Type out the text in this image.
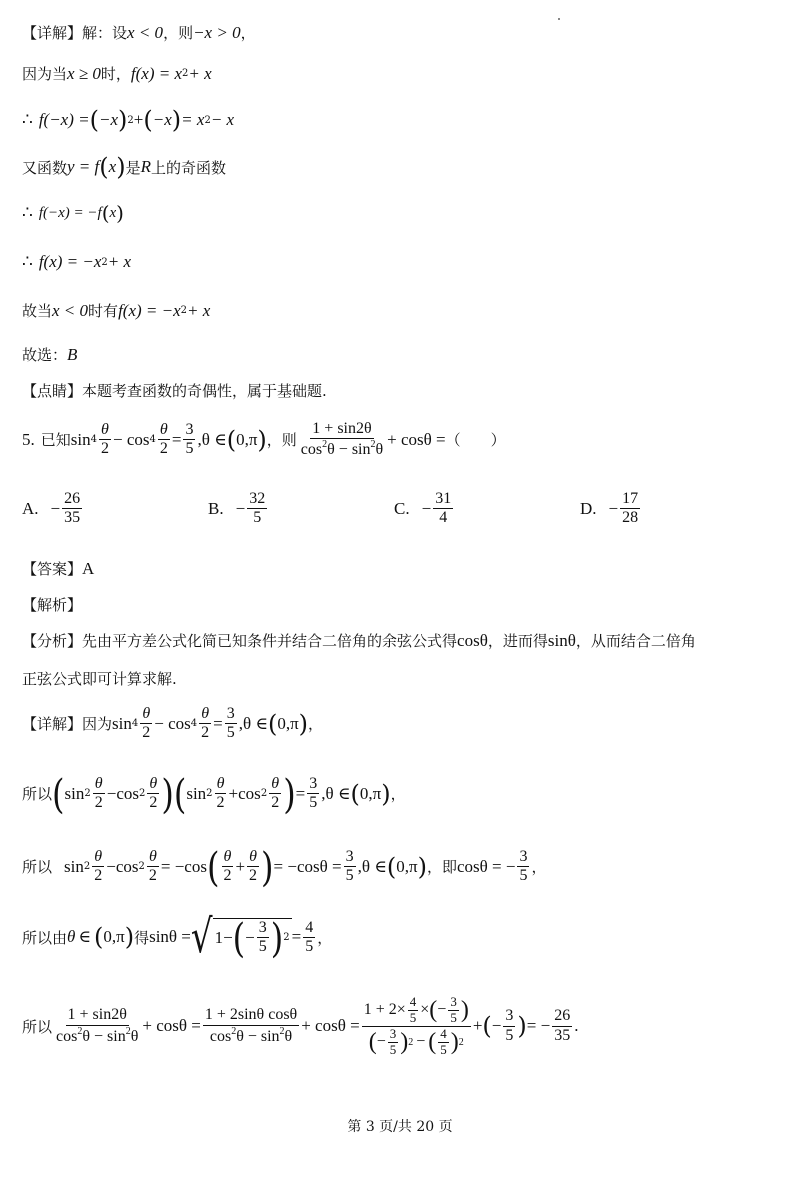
【详解】 解：设 x < 0 ，则 −x > 0 ，
因为当 x ≥ 0 时， f(x) = x 2 + x
∴ f(−x) = ( −x ) 2 + ( −x ) = x 2 − x
又函数 y = f ( x ) 是 R 上的奇函数
∴ f(−x) = −f ( x )
∴ f(x) = −x 2 + x
故当 x < 0 时有 f(x) = −x 2 + x
故选： B
【点睛】 本题考查函数的奇偶性，属于基础题.
5. 已知 $\sin 4 \frac{\theta}{2} - \cos 4 \frac{\theta}{2} = \frac{3}{5} ,\theta$ ∈ ( 0,π ) ，则 $\frac{1 + \sin 2\theta}{\cos^2\theta - \sin^2\theta} + \cos\theta$ = （　　）
A. − $\frac{26}{35}$	B. − $\frac{32}{5}$	C. − $\frac{31}{4}$	D. − $\frac{17}{28}$
【答案】 A
【解析】
【分析】 先由平方差公式化简已知条件并结合二倍角的余弦公式得 cosθ ，进而得 sinθ ，从而结合二倍角
正弦公式即可计算求解.
【详解】 因为 $\sin 4 \frac{\theta}{2} - \cos 4 \frac{\theta}{2} = \frac{3}{5} ,\theta$ ∈ ( 0,π ) ，
所以 ( $\sin 2 \frac{\theta}{2} - \cos 2 \frac{\theta}{2}$ ) ( $\sin 2 \frac{\theta}{2} + \cos 2 \frac{\theta}{2}$ ) = $\frac{3}{5} ,\theta$ ∈ ( 0,π ) ，
所以 $\sin 2 \frac{\theta}{2} - \cos 2 \frac{\theta}{2} = -\cos$ ( $\frac{\theta}{2} + \frac{\theta}{2}$ ) = $-\cos\theta = \frac{3}{5} ,\theta$ ∈ ( 0,π ) ，即 cosθ = − $\frac{3}{5}$ ，
所以由 θ ∈ ( 0,π ) 得 sinθ = √ 1− ( − $\frac{3}{5}$ ) $2 = \frac{4}{5}$ ，
所以 $\frac{1 + \sin 2\theta}{\cos^2\theta - \sin^2\theta} + \cos\theta = \frac{\text{1 + 2sinθ cosθ}}{\cos^2\theta - \sin^2\theta} + \cos\theta = \frac{1 + 2\times \frac{4}{5} \times ( - \frac{3}{5} )}{( - \frac{3}{5} ) 2 - ( \frac{4}{5} ) 2}$ + ( − $\frac{3}{5}$ ) = − $\frac{26}{35}$ .
第 3 页/共 20 页
